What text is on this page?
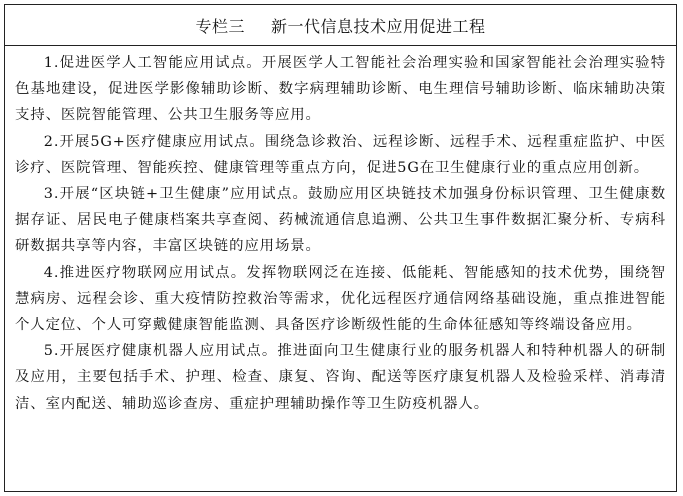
专栏三 新一代信息技术应用促进工程

1.促进医学人工智能应用试点。开展医学人工智能社会治理实验和国家智能社会治理实验特色基地建设，促进医学影像辅助诊断、数字病理辅助诊断、电生理信号辅助诊断、临床辅助决策支持、医院智能管理、公共卫生服务等应用。

2.开展5G+医疗健康应用试点。围绕急诊救治、远程诊断、远程手术、远程重症监护、中医诊疗、医院管理、智能疾控、健康管理等重点方向，促进5G在卫生健康行业的重点应用创新。

3.开展“区块链+卫生健康”应用试点。鼓励应用区块链技术加强身份标识管理、卫生健康数据存证、居民电子健康档案共享查阅、药械流通信息追溯、公共卫生事件数据汇聚分析、专病科研数据共享等内容，丰富区块链的应用场景。

4.推进医疗物联网应用试点。发挥物联网泛在连接、低能耗、智能感知的技术优势，围绕智慧病房、远程会诊、重大疫情防控救治等需求，优化远程医疗通信网络基础设施，重点推进智能个人定位、个人可穿戴健康智能监测、具备医疗诊断级性能的生命体征感知等终端设备应用。

5.开展医疗健康机器人应用试点。推进面向卫生健康行业的服务机器人和特种机器人的研制及应用，主要包括手术、护理、检查、康复、咨询、配送等医疗康复机器人及检验采样、消毒清洁、室内配送、辅助巡诊查房、重症护理辅助操作等卫生防疫机器人。
